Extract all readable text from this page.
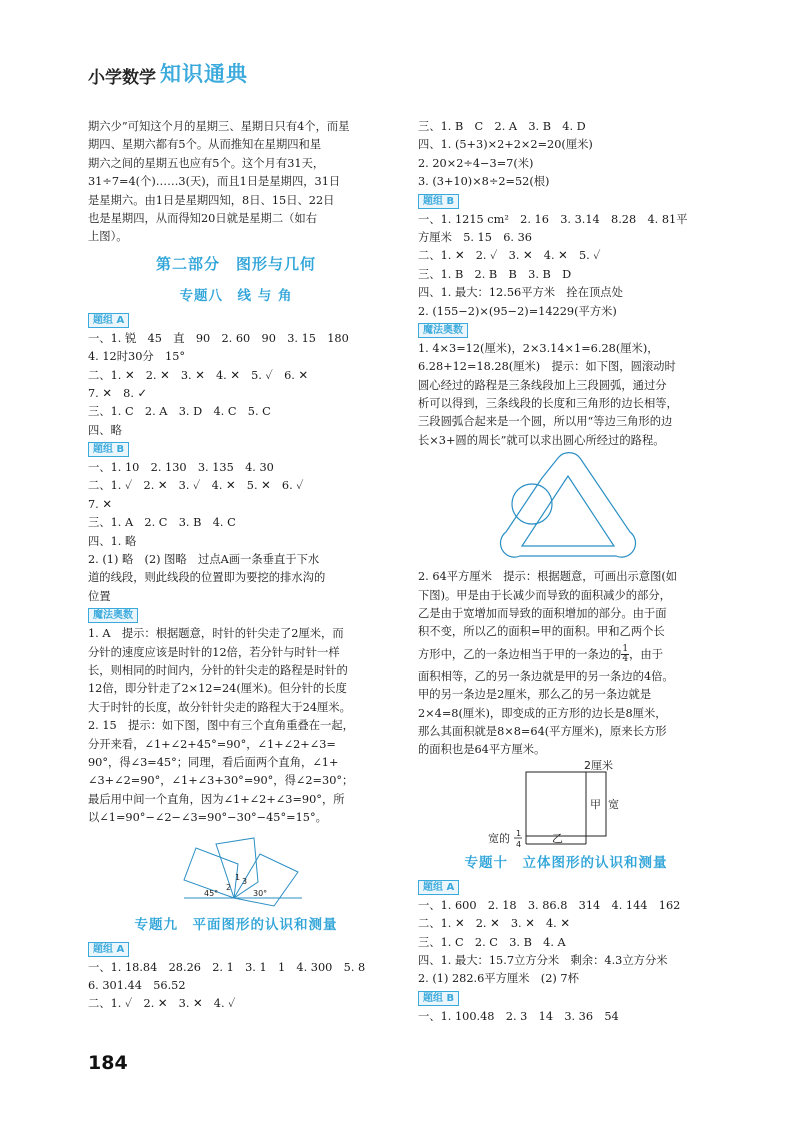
小学数学 知识通典
期六少”可知这个月的星期三、星期日只有4个，而星
期四、星期六都有5个。从而推知在星期四和星
期六之间的星期五也应有5个。这个月有31天，
31÷7=4(个)……3(天)，而且1日是星期四，31日
是星期六。由1日是星期四知，8日、15日、22日
也是星期四，从而得知20日就是星期二（如右
上图）。
第二部分　图形与几何
专题八　线 与 角
题组 A
一、1. 锐　45　直　90　2. 60　90　3. 15　180
4. 12时30分　15°
二、1. ✕　2. ✕　3. ✕　4. ✕　5. ✓　6. ✕
7. ✕　8. ✓
三、1. C　2. A　3. D　4. C　5. C
四、略
题组 B
一、1. 10　2. 130　3. 135　4. 30
二、1. ✓　2. ✕　3. ✓　4. ✕　5. ✕　6. ✓
7. ✕
三、1. A　2. C　3. B　4. C
四、1. 略
2. (1) 略　(2) 图略　过点A画一条垂直于下水
道的线段，则此线段的位置即为要挖的排水沟的
位置
魔法奥数
1. A　提示：根据题意，时针的针尖走了2厘米，而
分针的速度应该是时针的12倍，若分针与时针一样
长，则相同的时间内，分针的针尖走的路程是时针的
12倍，即分针走了2×12=24(厘米)。但分针的长度
大于时针的长度，故分针针尖走的路程大于24厘米。
2. 15　提示：如下图，图中有三个直角重叠在一起，
分开来看，∠1+∠2+45°=90°，∠1+∠2+∠3=
90°，得∠3=45°；同理，看后面两个直角，∠1+
∠3+∠2=90°，∠1+∠3+30°=90°，得∠2=30°；
最后用中间一个直角，因为∠1+∠2+∠3=90°，所
以∠1=90°−∠2−∠3=90°−30°−45°=15°。
45°
2
1 3
30°
专题九　平面图形的认识和测量
题组 A
一、1. 18.84　28.26　2. 1　3. 1　1　4. 300　5. 8
6. 301.44　56.52
二、1. ✓　2. ✕　3. ✕　4. ✓
三、1. B　C　2. A　3. B　4. D
四、1. (5+3)×2+2×2=20(厘米)
2. 20×2÷4−3=7(米)
3. (3+10)×8÷2=52(根)
题组 B
一、1. 1215 cm²　2. 16　3. 3.14　8.28　4. 81平
方厘米　5. 15　6. 36
二、1. ✕　2. ✓　3. ✕　4. ✕　5. ✓
三、1. B　2. B　B　3. B　D
四、1. 最大：12.56平方米　拴在顶点处
2. (155−2)×(95−2)=14229(平方米)
魔法奥数
1. 4×3=12(厘米)，2×3.14×1=6.28(厘米)，
6.28+12=18.28(厘米)　提示：如下图，圆滚动时
圆心经过的路程是三条线段加上三段圆弧，通过分
析可以得到，三条线段的长度和三角形的边长相等，
三段圆弧合起来是一个圆，所以用“等边三角形的边
长×3+圆的周长”就可以求出圆心所经过的路程。
2. 64平方厘米　提示：根据题意，可画出示意图(如
下图)。甲是由于长减少而导致的面积减少的部分，
乙是由于宽增加而导致的面积增加的部分。由于面
积不变，所以乙的面积=甲的面积。甲和乙两个长
方形中，乙的一条边相当于甲的一条边的 $\frac{1}{4}$ ，由于
面积相等，乙的另一条边就是甲的另一条边的4倍。
甲的另一条边是2厘米，那么乙的另一条边就是
2×4=8(厘米)，即变成的正方形的边长是8厘米，
那么其面积就是8×8=64(平方厘米)，原来长方形
的面积也是64平方厘米。
2厘米
甲 宽
宽的 1
4	乙
专题十　立体图形的认识和测量
题组 A
一、1. 600　2. 18　3. 86.8　314　4. 144　162
二、1. ✕　2. ✕　3. ✕　4. ✕
三、1. C　2. C　3. B　4. A
四、1. 最大：15.7立方分米　剩余：4.3立方分米
2. (1) 282.6平方厘米　(2) 7杯
题组 B
一、1. 100.48　2. 3　14　3. 36　54
184
